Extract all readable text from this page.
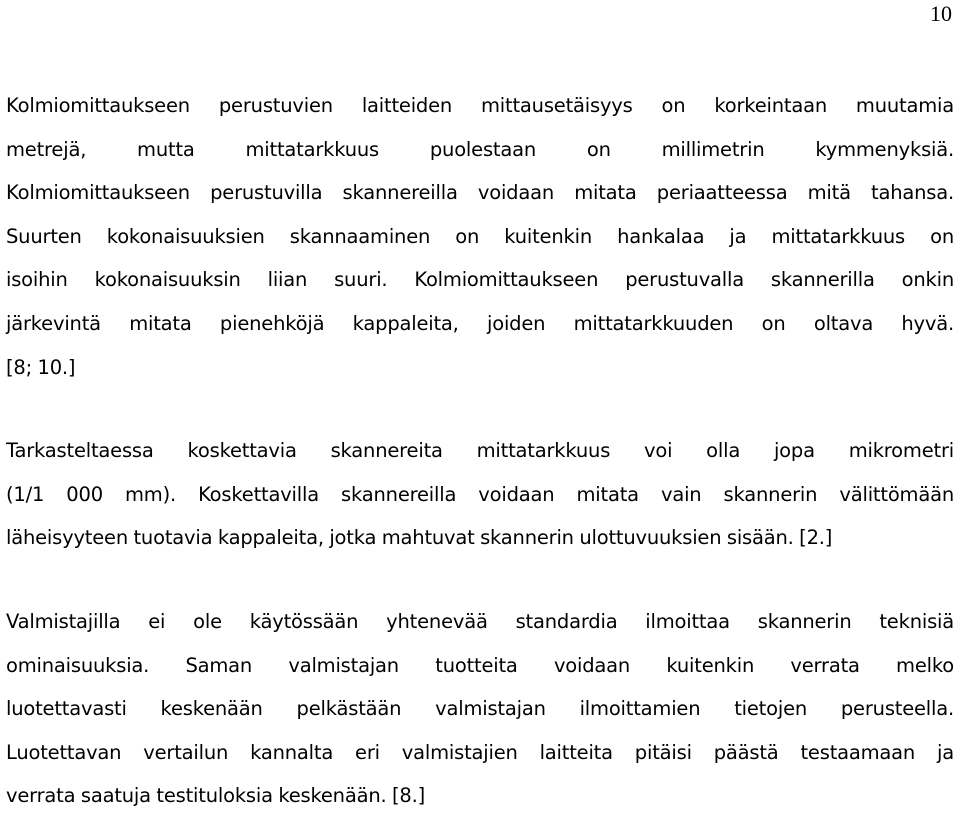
10

Kolmiomittaukseen perustuvien laitteiden mittausetäisyys on korkeintaan muutamia
metrejä, mutta mittatarkkuus puolestaan on millimetrin kymmenyksiä.
Kolmiomittaukseen perustuvilla skannereilla voidaan mitata periaatteessa mitä tahansa.
Suurten kokonaisuuksien skannaaminen on kuitenkin hankalaa ja mittatarkkuus on
isoihin kokonaisuuksin liian suuri. Kolmiomittaukseen perustuvalla skannerilla onkin
järkevintä mitata pienehköjä kappaleita, joiden mittatarkkuuden on oltava hyvä.
[8; 10.]

Tarkasteltaessa koskettavia skannereita mittatarkkuus voi olla jopa mikrometri
(1/1 000 mm). Koskettavilla skannereilla voidaan mitata vain skannerin välittömään
läheisyyteen tuotavia kappaleita, jotka mahtuvat skannerin ulottuvuuksien sisään. [2.]

Valmistajilla ei ole käytössään yhtenevää standardia ilmoittaa skannerin teknisiä
ominaisuuksia. Saman valmistajan tuotteita voidaan kuitenkin verrata melko
luotettavasti keskenään pelkästään valmistajan ilmoittamien tietojen perusteella.
Luotettavan vertailun kannalta eri valmistajien laitteita pitäisi päästä testaamaan ja
verrata saatuja testituloksia keskenään. [8.]
